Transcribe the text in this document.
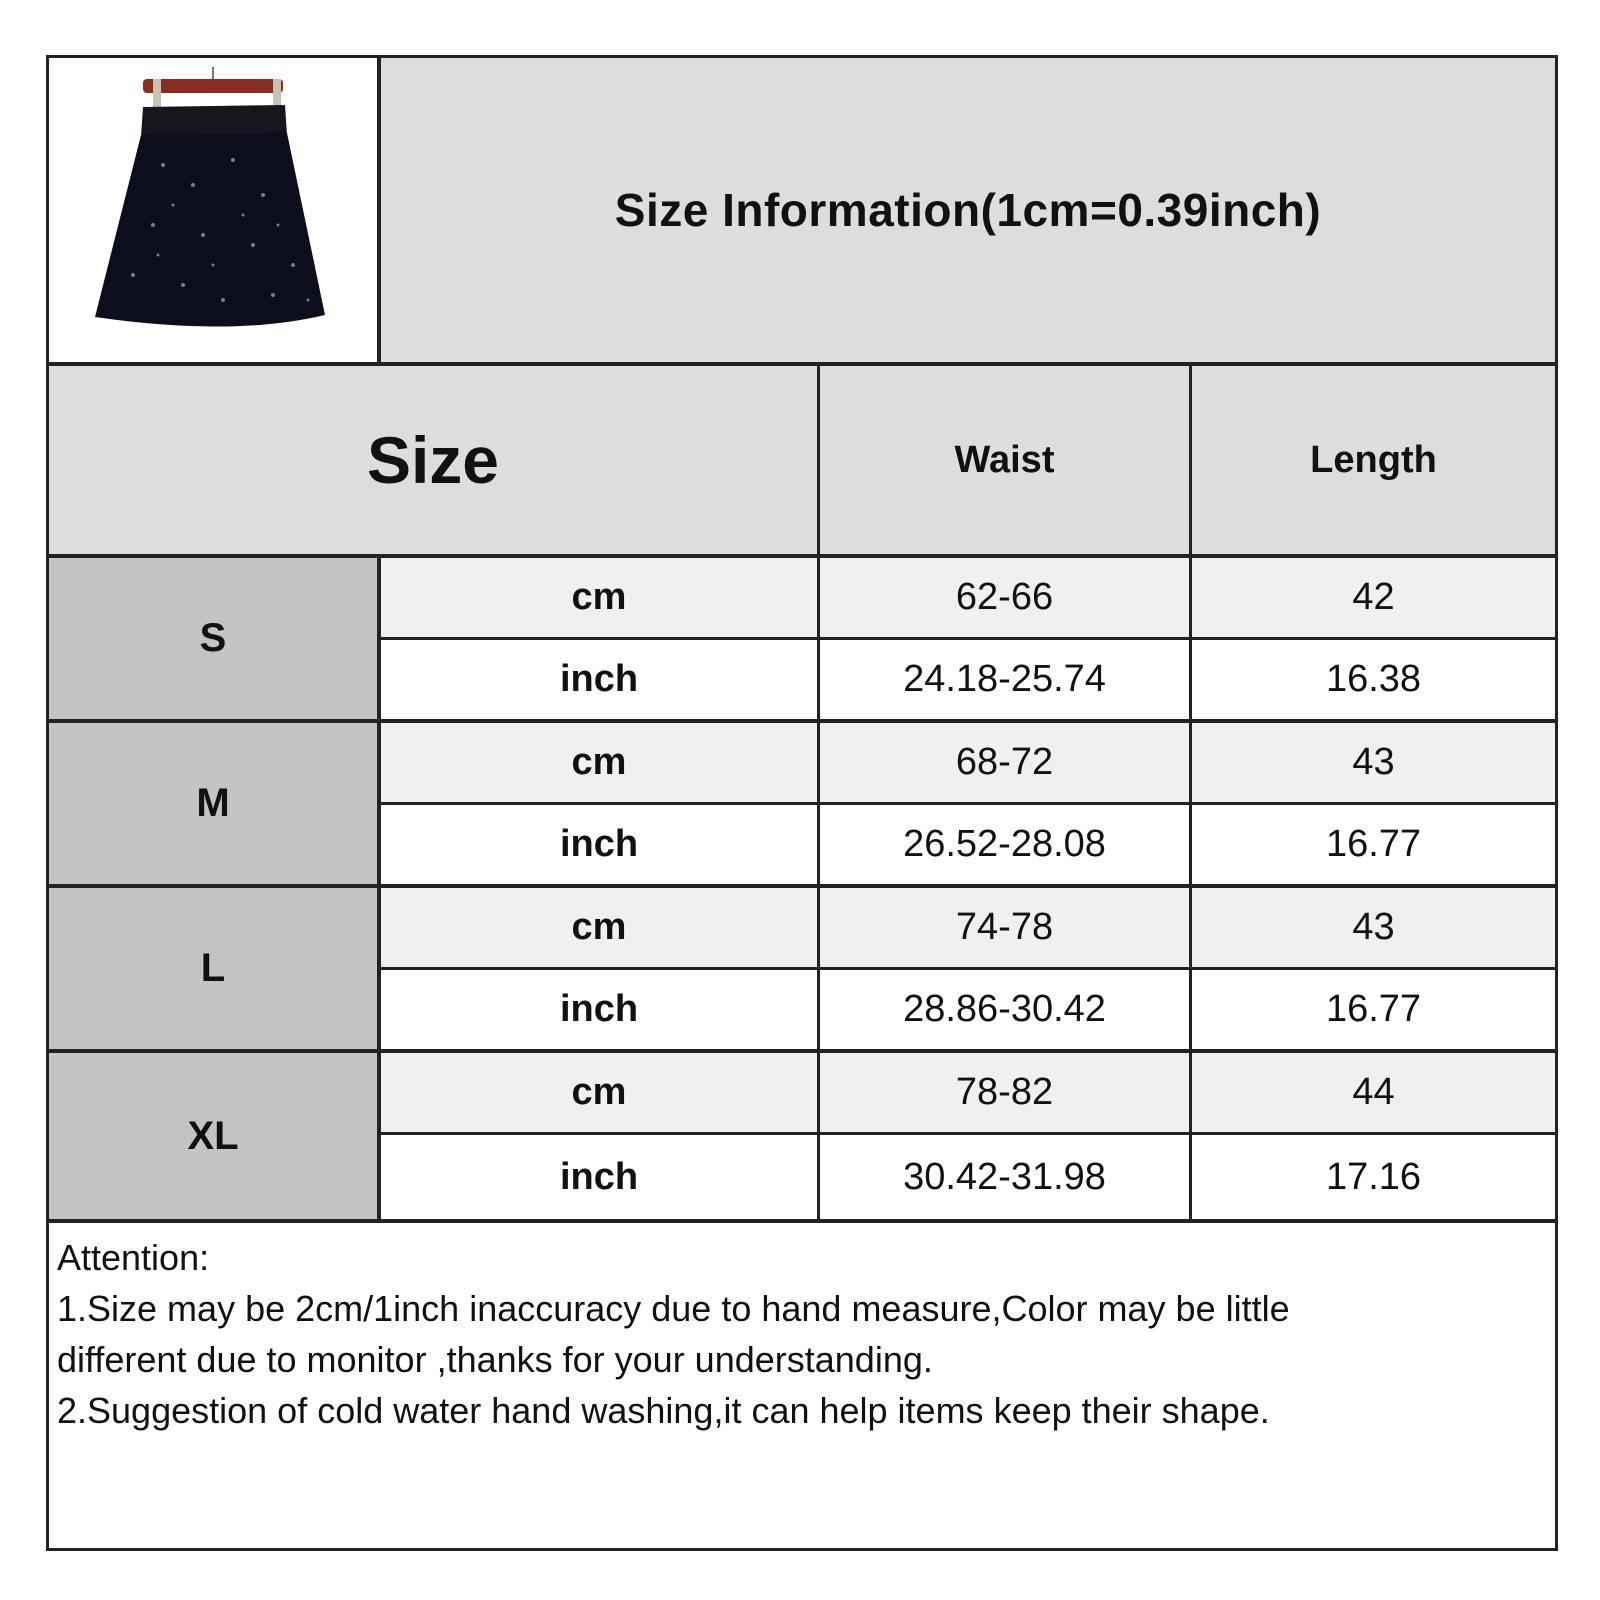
Size Information(1cm=0.39inch)
Size	Waist	Length
S
cm	62-66	42
inch	24.18-25.74	16.38
M
cm	68-72	43
inch	26.52-28.08	16.77
L
cm	74-78	43
inch	28.86-30.42	16.77
XL
cm	78-82	44
inch	30.42-31.98	17.16
Attention:
1.Size may be 2cm/1inch inaccuracy due to hand measure,Color may be little
different due to monitor ,thanks for your understanding.
2.Suggestion of cold water hand washing,it can help items keep their shape.
